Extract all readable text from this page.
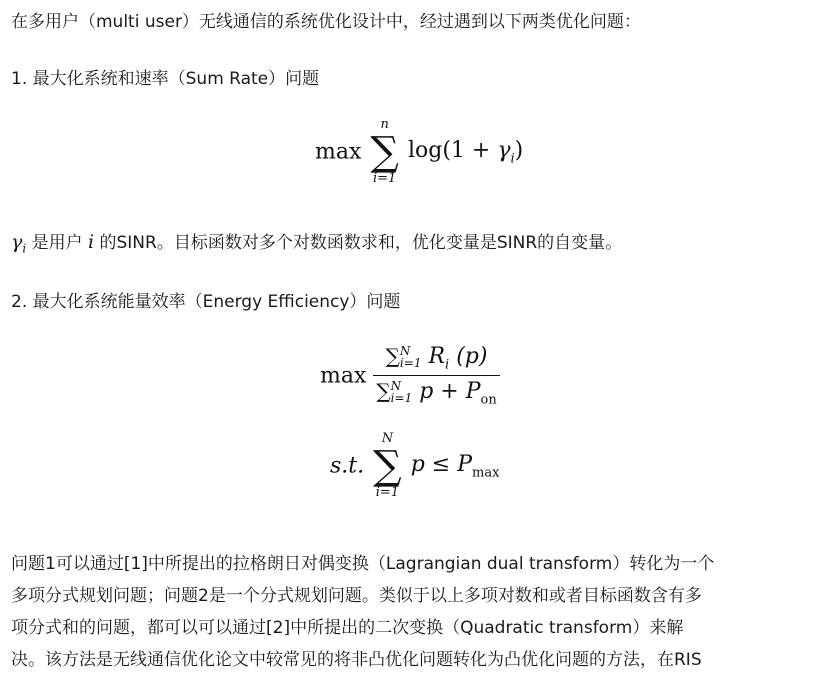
在多用户（multi user）无线通信的系统优化设计中，经过遇到以下两类优化问题：
1. 最大化系统和速率（Sum Rate）问题
max
n
∑
i=1
$\log(1 + \gamma_i)$
$\gamma_i$ 是用户 i 的SINR。目标函数对多个对数函数求和，优化变量是SINR的自变量。
2. 最大化系统能量效率（Energy Efficiency）问题
max ∑ N
i=1 $R_i$ (p)
∑ N
i=1 $p + P_{on}$
s.t.
N
∑
i=1
$p \le P_{max}$
问题1可以通过[1]中所提出的拉格朗日对偶变换（Lagrangian dual transform）转化为一个
多项分式规划问题；问题2是一个分式规划问题。类似于以上多项对数和或者目标函数含有多
项分式和的问题，都可以可以通过[2]中所提出的二次变换（Quadratic transform）来解
决。该方法是无线通信优化论文中较常见的将非凸优化问题转化为凸优化问题的方法，在RIS
